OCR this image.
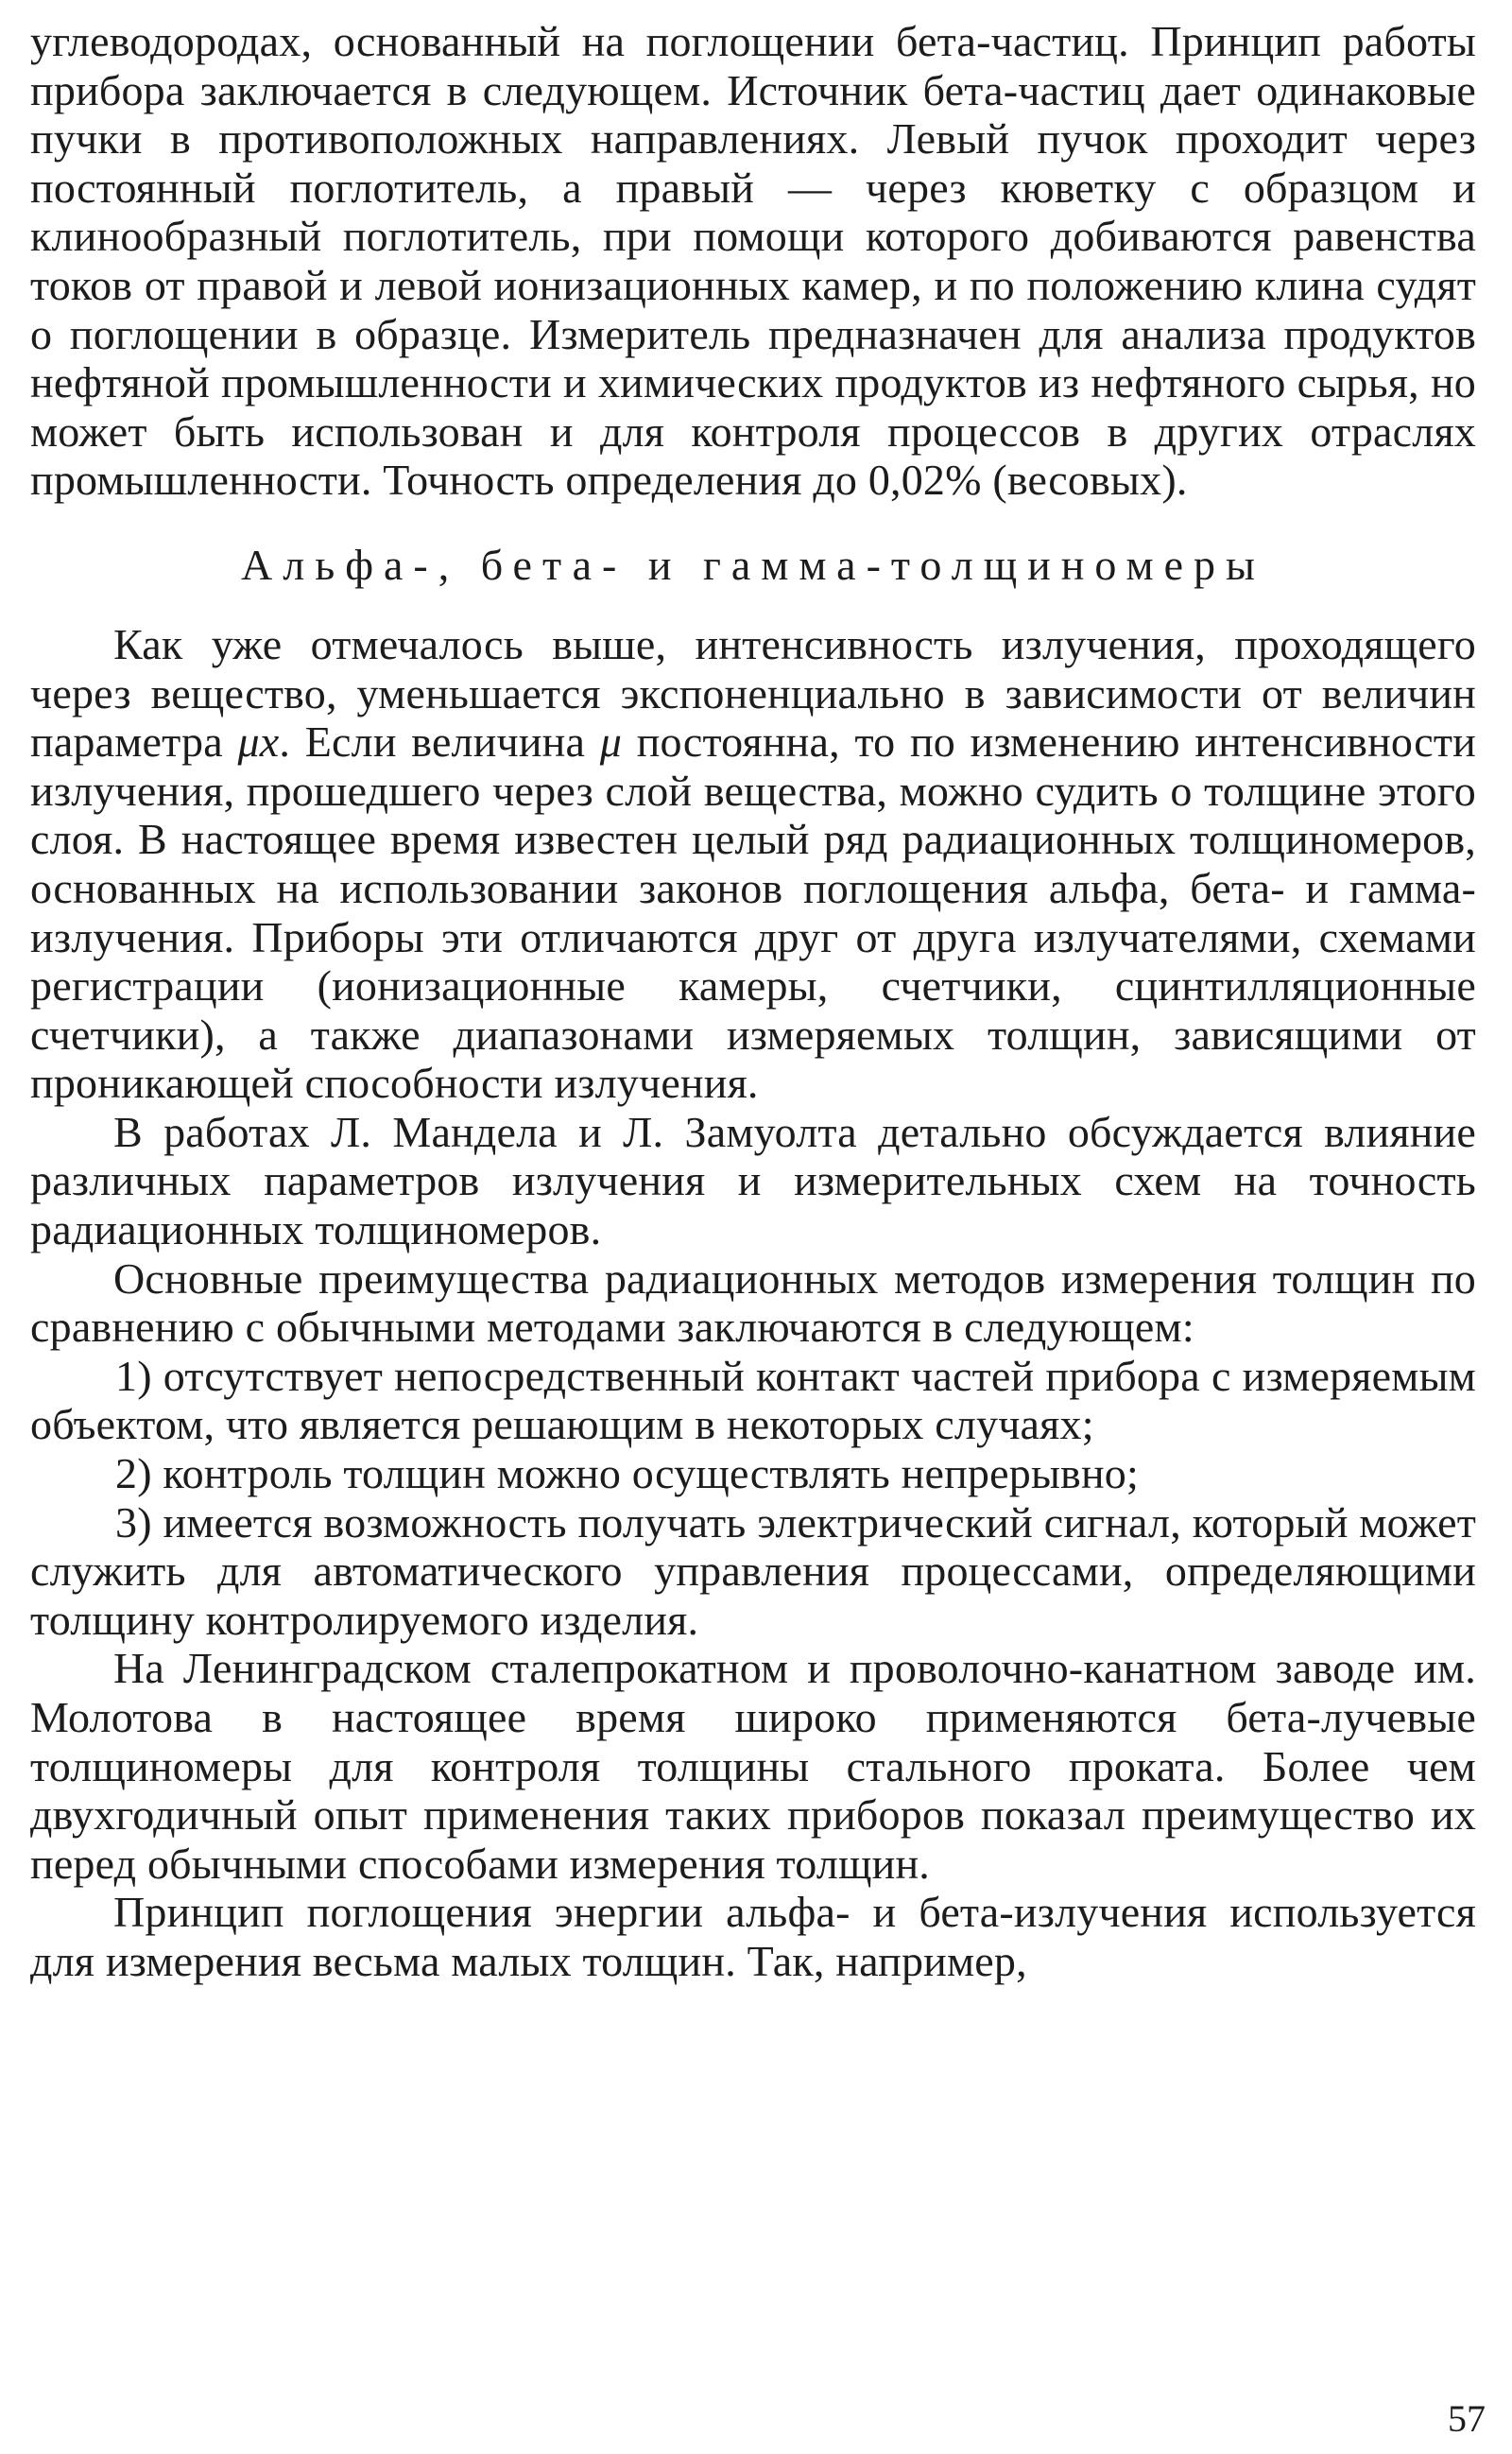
углеводородах, основанный на поглощении бета-частиц. Принцип работы прибора заключается в следующем. Источник бета-частиц дает одинаковые пучки в противоположных направлениях. Левый пучок проходит через постоянный поглотитель, а правый — через кюветку с образцом и клинообразный поглотитель, при помощи которого добиваются равенства токов от правой и левой ионизационных камер, и по положению клина судят о поглощении в образце. Измеритель предназначен для анализа продуктов нефтяной промышленности и химических продуктов из нефтяного сырья, но может быть использован и для контроля процессов в других отраслях промышленности. Точность определения до 0,02% (весовых).

Альфа-, бета- и гамма-толщиномеры

Как уже отмечалось выше, интенсивность излучения, проходящего через вещество, уменьшается экспоненциально в зависимости от величин параметра μx. Если величина μ постоянна, то по изменению интенсивности излучения, прошедшего через слой вещества, можно судить о толщине этого слоя. В настоящее время известен целый ряд радиационных толщиномеров, основанных на использовании законов поглощения альфа, бета- и гамма-излучения. Приборы эти отличаются друг от друга излучателями, схемами регистрации (ионизационные камеры, счетчики, сцинтилляционные счетчики), а также диапазонами измеряемых толщин, зависящими от проникающей способности излучения.

В работах Л. Мандела и Л. Замуолта детально обсуждается влияние различных параметров излучения и измерительных схем на точность радиационных толщиномеров.

Основные преимущества радиационных методов измерения толщин по сравнению с обычными методами заключаются в следующем:

1) отсутствует непосредственный контакт частей прибора с измеряемым объектом, что является решающим в некоторых случаях;

2) контроль толщин можно осуществлять непрерывно;

3) имеется возможность получать электрический сигнал, который может служить для автоматического управления процессами, определяющими толщину контролируемого изделия.

На Ленинградском сталепрокатном и проволочно-канатном заводе им. Молотова в настоящее время широко применяются бета-лучевые толщиномеры для контроля толщины стального проката. Более чем двухгодичный опыт применения таких приборов показал преимущество их перед обычными способами измерения толщин.

Принцип поглощения энергии альфа- и бета-излучения используется для измерения весьма малых толщин. Так, например,

57
